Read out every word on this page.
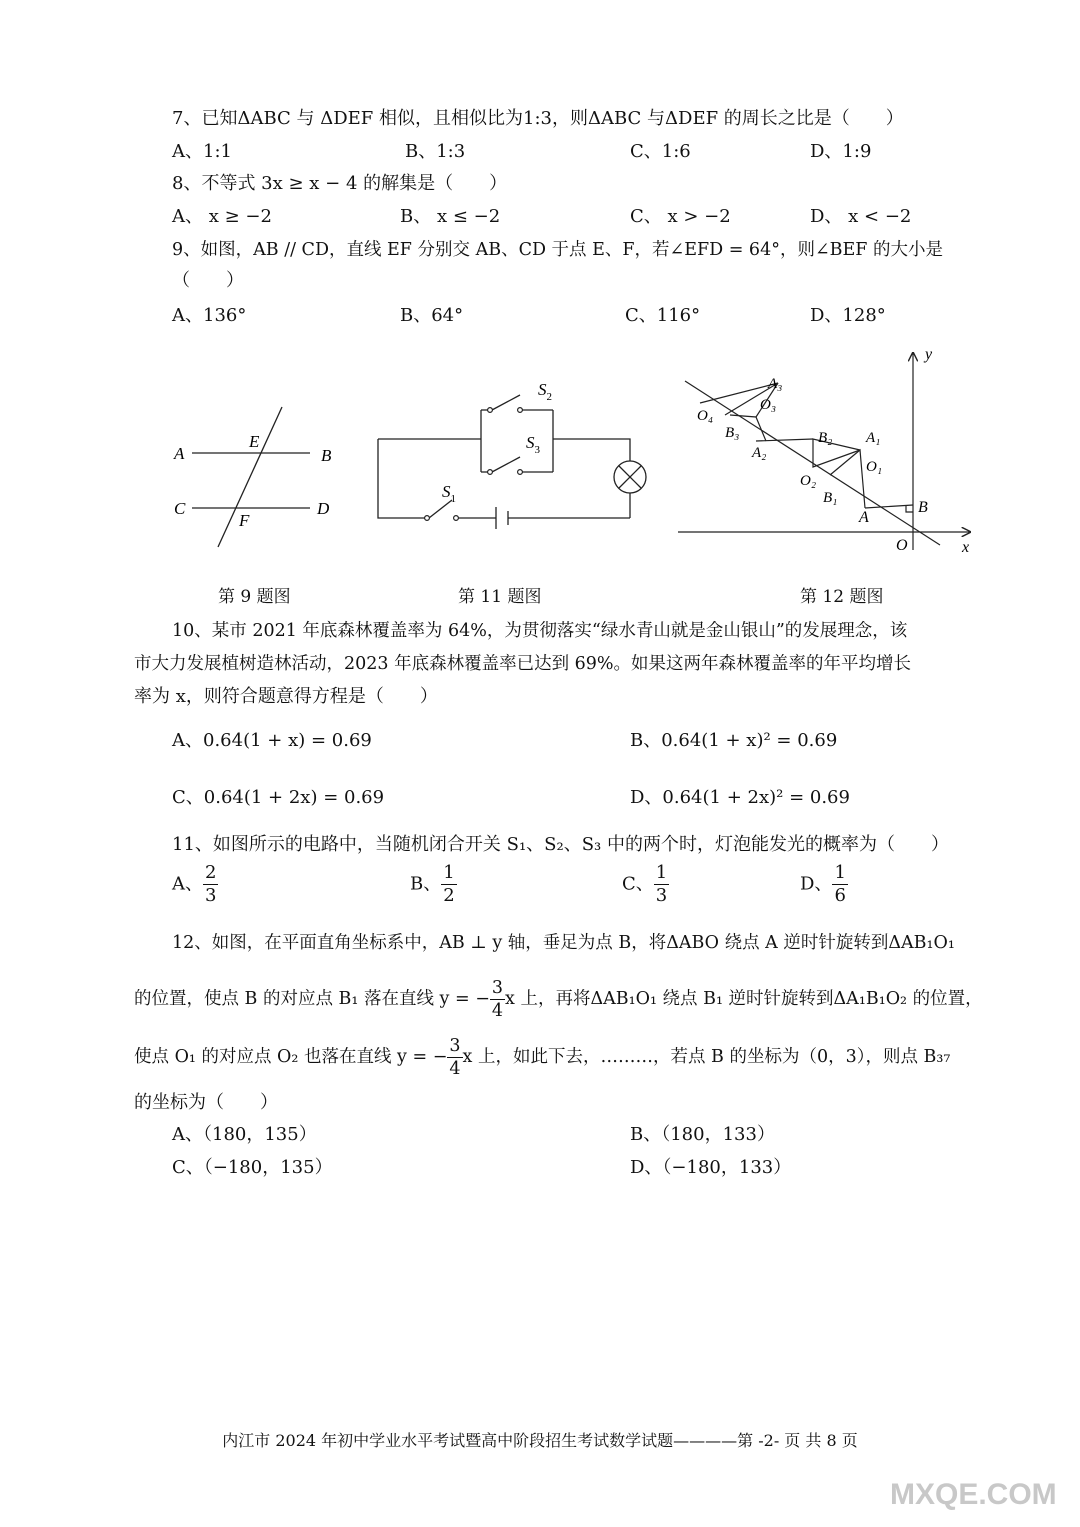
7、已知ΔABC 与 ΔDEF 相似，且相似比为1:3，则ΔABC 与ΔDEF 的周长之比是（　　）
A、1:1	B、1:3	C、1:6	D、1:9
8、不等式 3x ≥ x − 4 的解集是（　　）
A、 x ≥ −2	B、 x ≤ −2	C、 x > −2	D、 x < −2
9、如图，AB // CD，直线 EF 分别交 AB、CD 于点 E、F，若∠EFD = 64°，则∠BEF 的大小是
（　　）
A、136°	B、64°	C、116°	D、128°
A	B
E
C	D
F
$S_2$
$S_3$
$S_1$
y
x
O
B
A
B₁
O₁
A₁
O₂
B₂
A₂
B₃
O₃
A₃
O₄
第 9 题图	第 11 题图	第 12 题图
10、某市 2021 年底森林覆盖率为 64%，为贯彻落实“绿水青山就是金山银山”的发展理念，该
市大力发展植树造林活动，2023 年底森林覆盖率已达到 69%。如果这两年森林覆盖率的年平均增长
率为 x，则符合题意得方程是（　　）
A、0.64(1 + x) = 0.69	B、0.64(1 + x)² = 0.69
C、0.64(1 + 2x) = 0.69	D、0.64(1 + 2x)² = 0.69
11、如图所示的电路中，当随机闭合开关 S₁、S₂、S₃ 中的两个时，灯泡能发光的概率为（　　）
A、 $\frac{2}{3}$	B、 $\frac{1}{2}$	C、 $\frac{1}{3}$	D、 $\frac{1}{6}$
12、如图，在平面直角坐标系中，AB ⊥ y 轴，垂足为点 B，将ΔABO 绕点 A 逆时针旋转到ΔAB₁O₁
的位置，使点 B 的对应点 B₁ 落在直线 y = − $\frac{3}{4}$ x 上，再将ΔAB₁O₁ 绕点 B₁ 逆时针旋转到ΔA₁B₁O₂ 的位置，
使点 O₁ 的对应点 O₂ 也落在直线 y = − $\frac{3}{4}$ x 上，如此下去，………，若点 B 的坐标为（0，3），则点 B₃₇
的坐标为（　　）
A、（180，135）	B、（180，133）
C、（−180，135）	D、（−180，133）
内江市 2024 年初中学业水平考试暨高中阶段招生考试数学试题————第 -2- 页 共 8 页
MXQE.COM
